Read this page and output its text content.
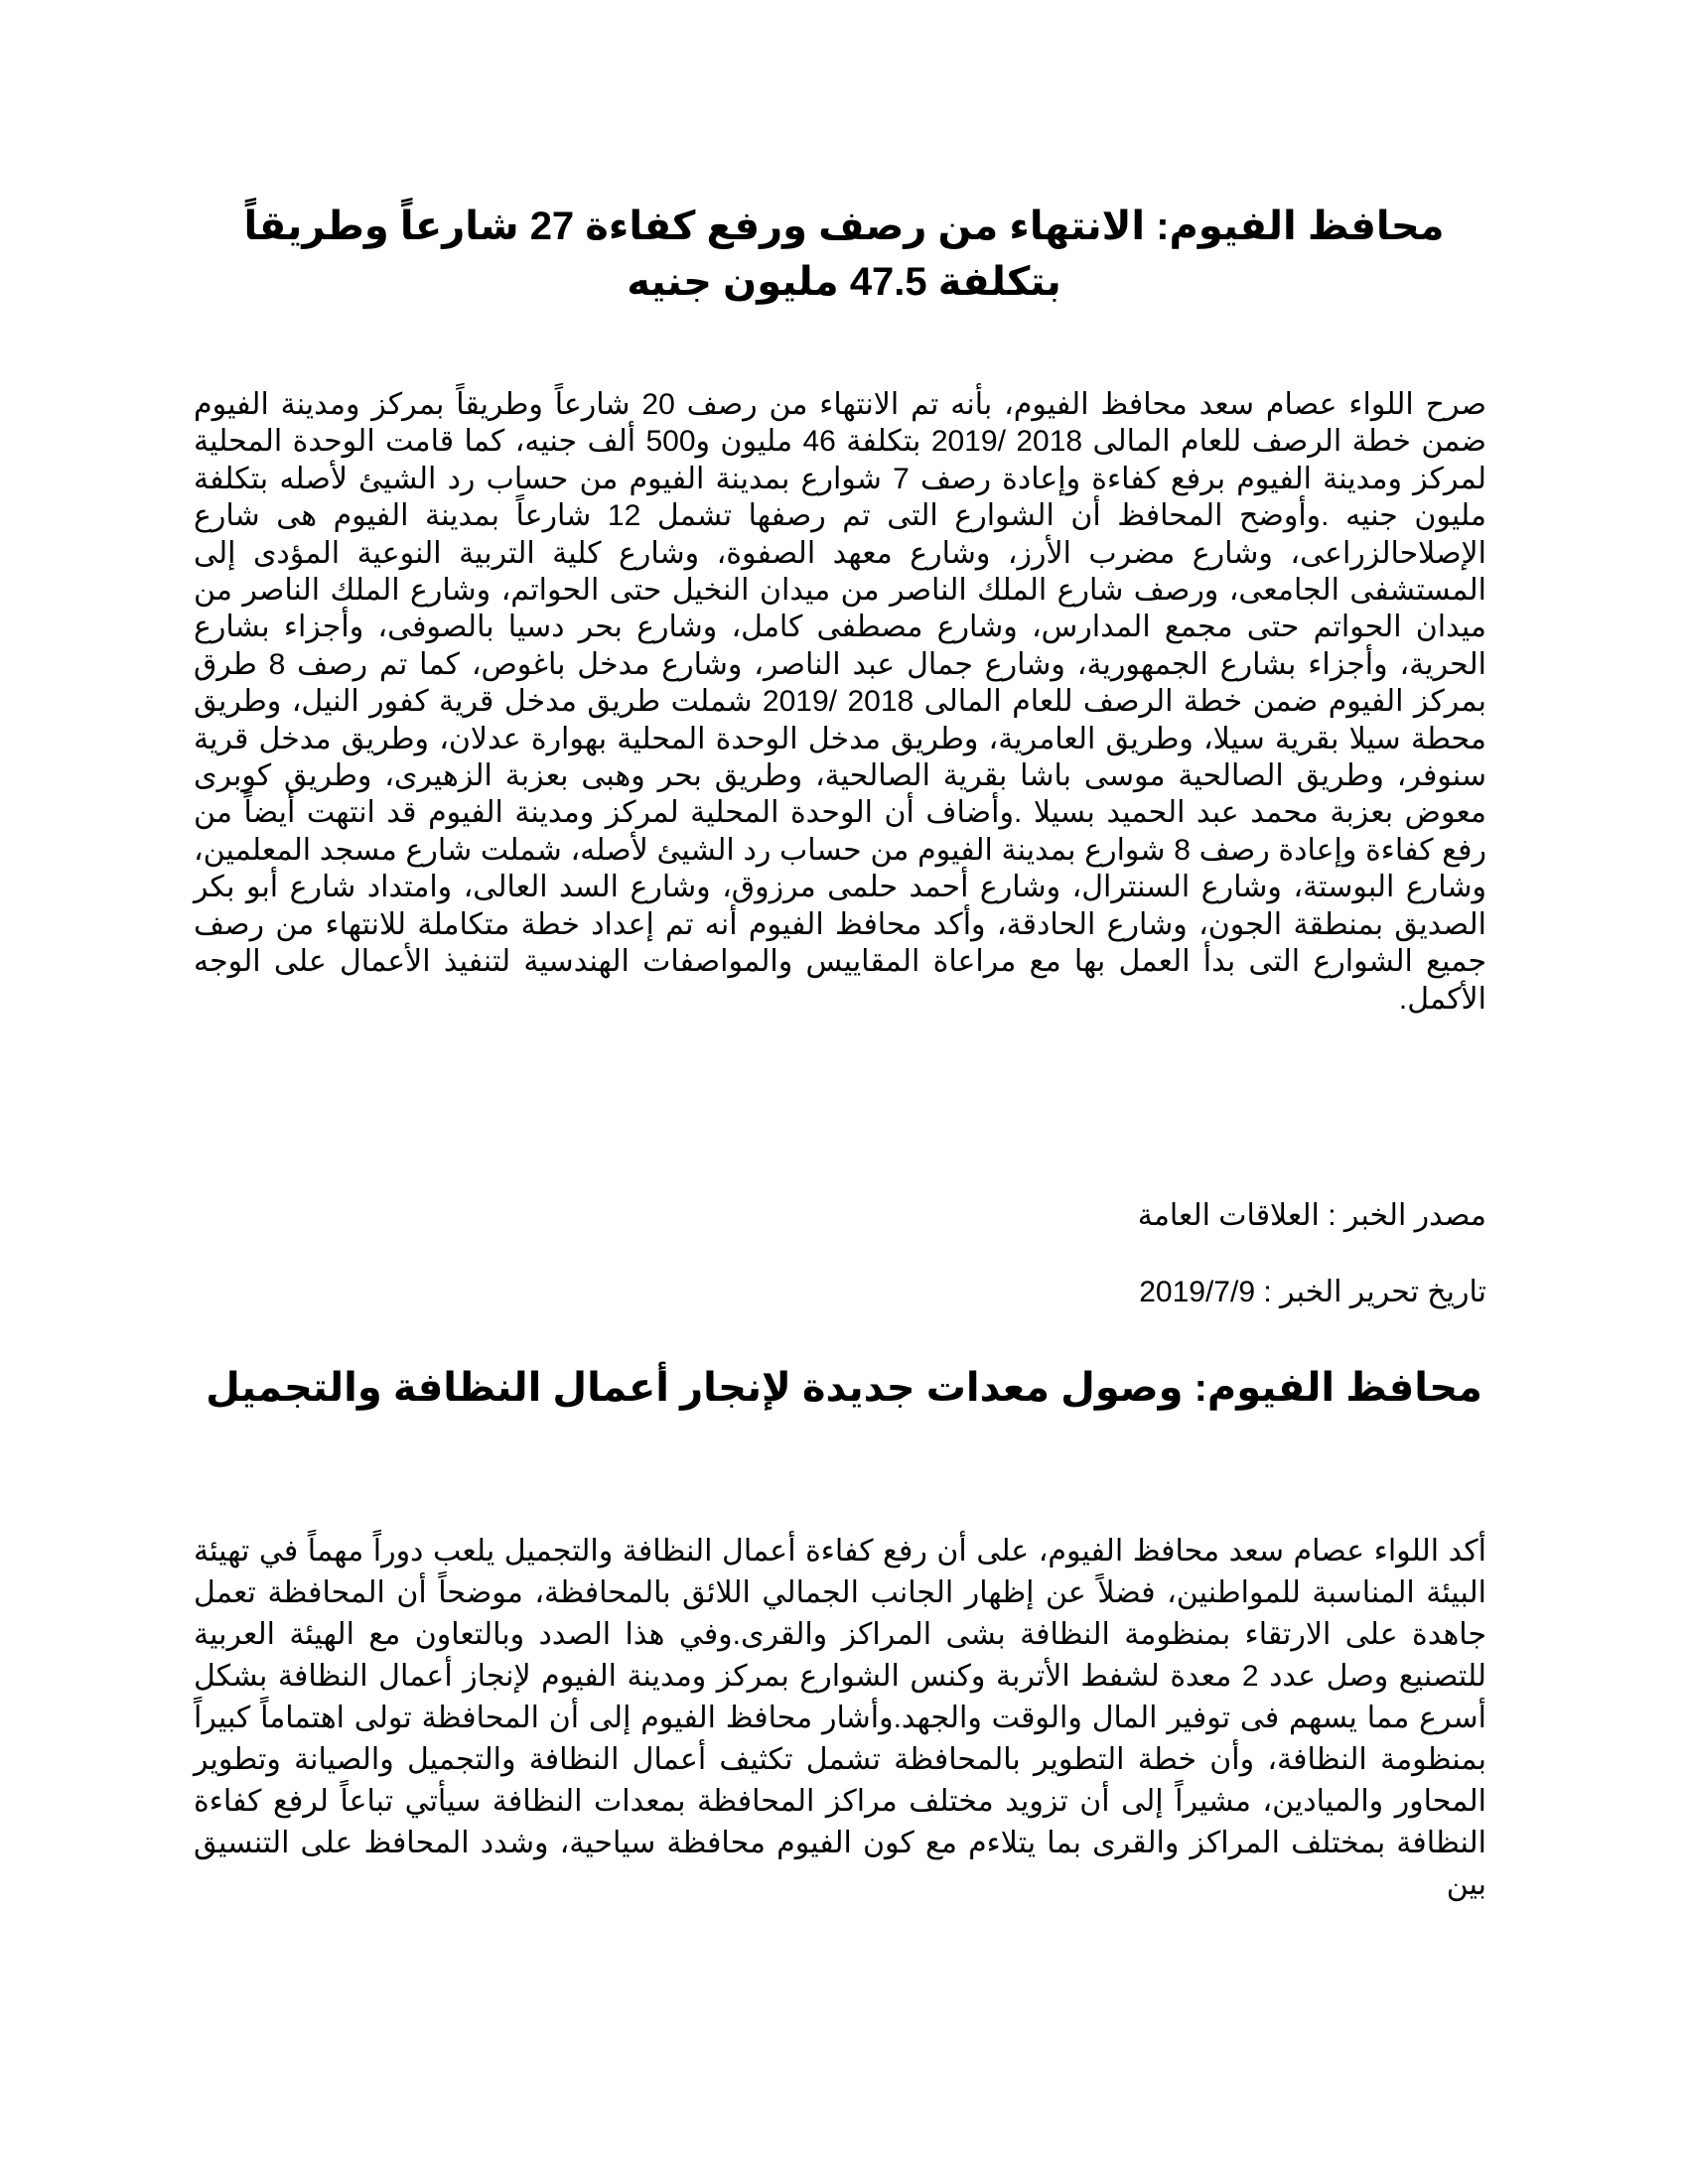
محافظ الفيوم: الانتهاء من رصف ورفع كفاءة 27 شارعاً وطريقاً بتكلفة 47.5 مليون جنيه

صرح اللواء عصام سعد محافظ الفيوم، بأنه تم الانتهاء من رصف 20 شارعاً وطريقاً بمركز ومدينة الفيوم ضمن خطة الرصف للعام المالى 2018 /2019 بتكلفة 46 مليون و500 ألف جنيه، كما قامت الوحدة المحلية لمركز ومدينة الفيوم برفع كفاءة وإعادة رصف 7 شوارع بمدينة الفيوم من حساب رد الشيئ لأصله بتكلفة مليون جنيه .وأوضح المحافظ أن الشوارع التى تم رصفها تشمل 12 شارعاً بمدينة الفيوم هى شارع الإصلاحالزراعى، وشارع مضرب الأرز، وشارع معهد الصفوة، وشارع كلية التربية النوعية المؤدى إلى المستشفى الجامعى، ورصف شارع الملك الناصر من ميدان النخيل حتى الحواتم، وشارع الملك الناصر من ميدان الحواتم حتى مجمع المدارس، وشارع مصطفى كامل، وشارع بحر دسيا بالصوفى، وأجزاء بشارع الحرية، وأجزاء بشارع الجمهورية، وشارع جمال عبد الناصر، وشارع مدخل باغوص، كما تم رصف 8 طرق بمركز الفيوم ضمن خطة الرصف للعام المالى 2018 /2019 شملت طريق مدخل قرية كفور النيل، وطريق محطة سيلا بقرية سيلا، وطريق العامرية، وطريق مدخل الوحدة المحلية بهوارة عدلان، وطريق مدخل قرية سنوفر، وطريق الصالحية موسى باشا بقرية الصالحية، وطريق بحر وهبى بعزبة الزهيرى، وطريق كوبرى معوض بعزبة محمد عبد الحميد بسيلا .وأضاف أن الوحدة المحلية لمركز ومدينة الفيوم قد انتهت أيضاً من رفع كفاءة وإعادة رصف 8 شوارع بمدينة الفيوم من حساب رد الشيئ لأصله، شملت شارع مسجد المعلمين، وشارع البوستة، وشارع السنترال، وشارع أحمد حلمى مرزوق، وشارع السد العالى، وامتداد شارع أبو بكر الصديق بمنطقة الجون، وشارع الحادقة، وأكد محافظ الفيوم أنه تم إعداد خطة متكاملة للانتهاء من رصف جميع الشوارع التى بدأ العمل بها مع مراعاة المقاييس والمواصفات الهندسية لتنفيذ الأعمال على الوجه الأكمل.

مصدر الخبر : العلاقات العامة

تاريخ تحرير الخبر : 2019/7/9

محافظ الفيوم: وصول معدات جديدة لإنجار أعمال النظافة والتجميل

أكد اللواء عصام سعد محافظ الفيوم، على أن رفع كفاءة أعمال النظافة والتجميل يلعب دوراً مهماً في تهيئة البيئة المناسبة للمواطنين، فضلاً عن إظهار الجانب الجمالي اللائق بالمحافظة، موضحاً أن المحافظة تعمل جاهدة على الارتقاء بمنظومة النظافة بشى المراكز والقرى.وفي هذا الصدد وبالتعاون مع الهيئة العربية للتصنيع وصل عدد 2 معدة لشفط الأتربة وكنس الشوارع بمركز ومدينة الفيوم لإنجاز أعمال النظافة بشكل أسرع مما يسهم فى توفير المال والوقت والجهد.وأشار محافظ الفيوم إلى أن المحافظة تولى اهتماماً كبيراً بمنظومة النظافة، وأن خطة التطوير بالمحافظة تشمل تكثيف أعمال النظافة والتجميل والصيانة وتطوير المحاور والميادين، مشيراً إلى أن تزويد مختلف مراكز المحافظة بمعدات النظافة سيأتي تباعاً لرفع كفاءة النظافة بمختلف المراكز والقرى بما يتلاءم مع كون الفيوم محافظة سياحية، وشدد المحافظ على التنسيق بين
